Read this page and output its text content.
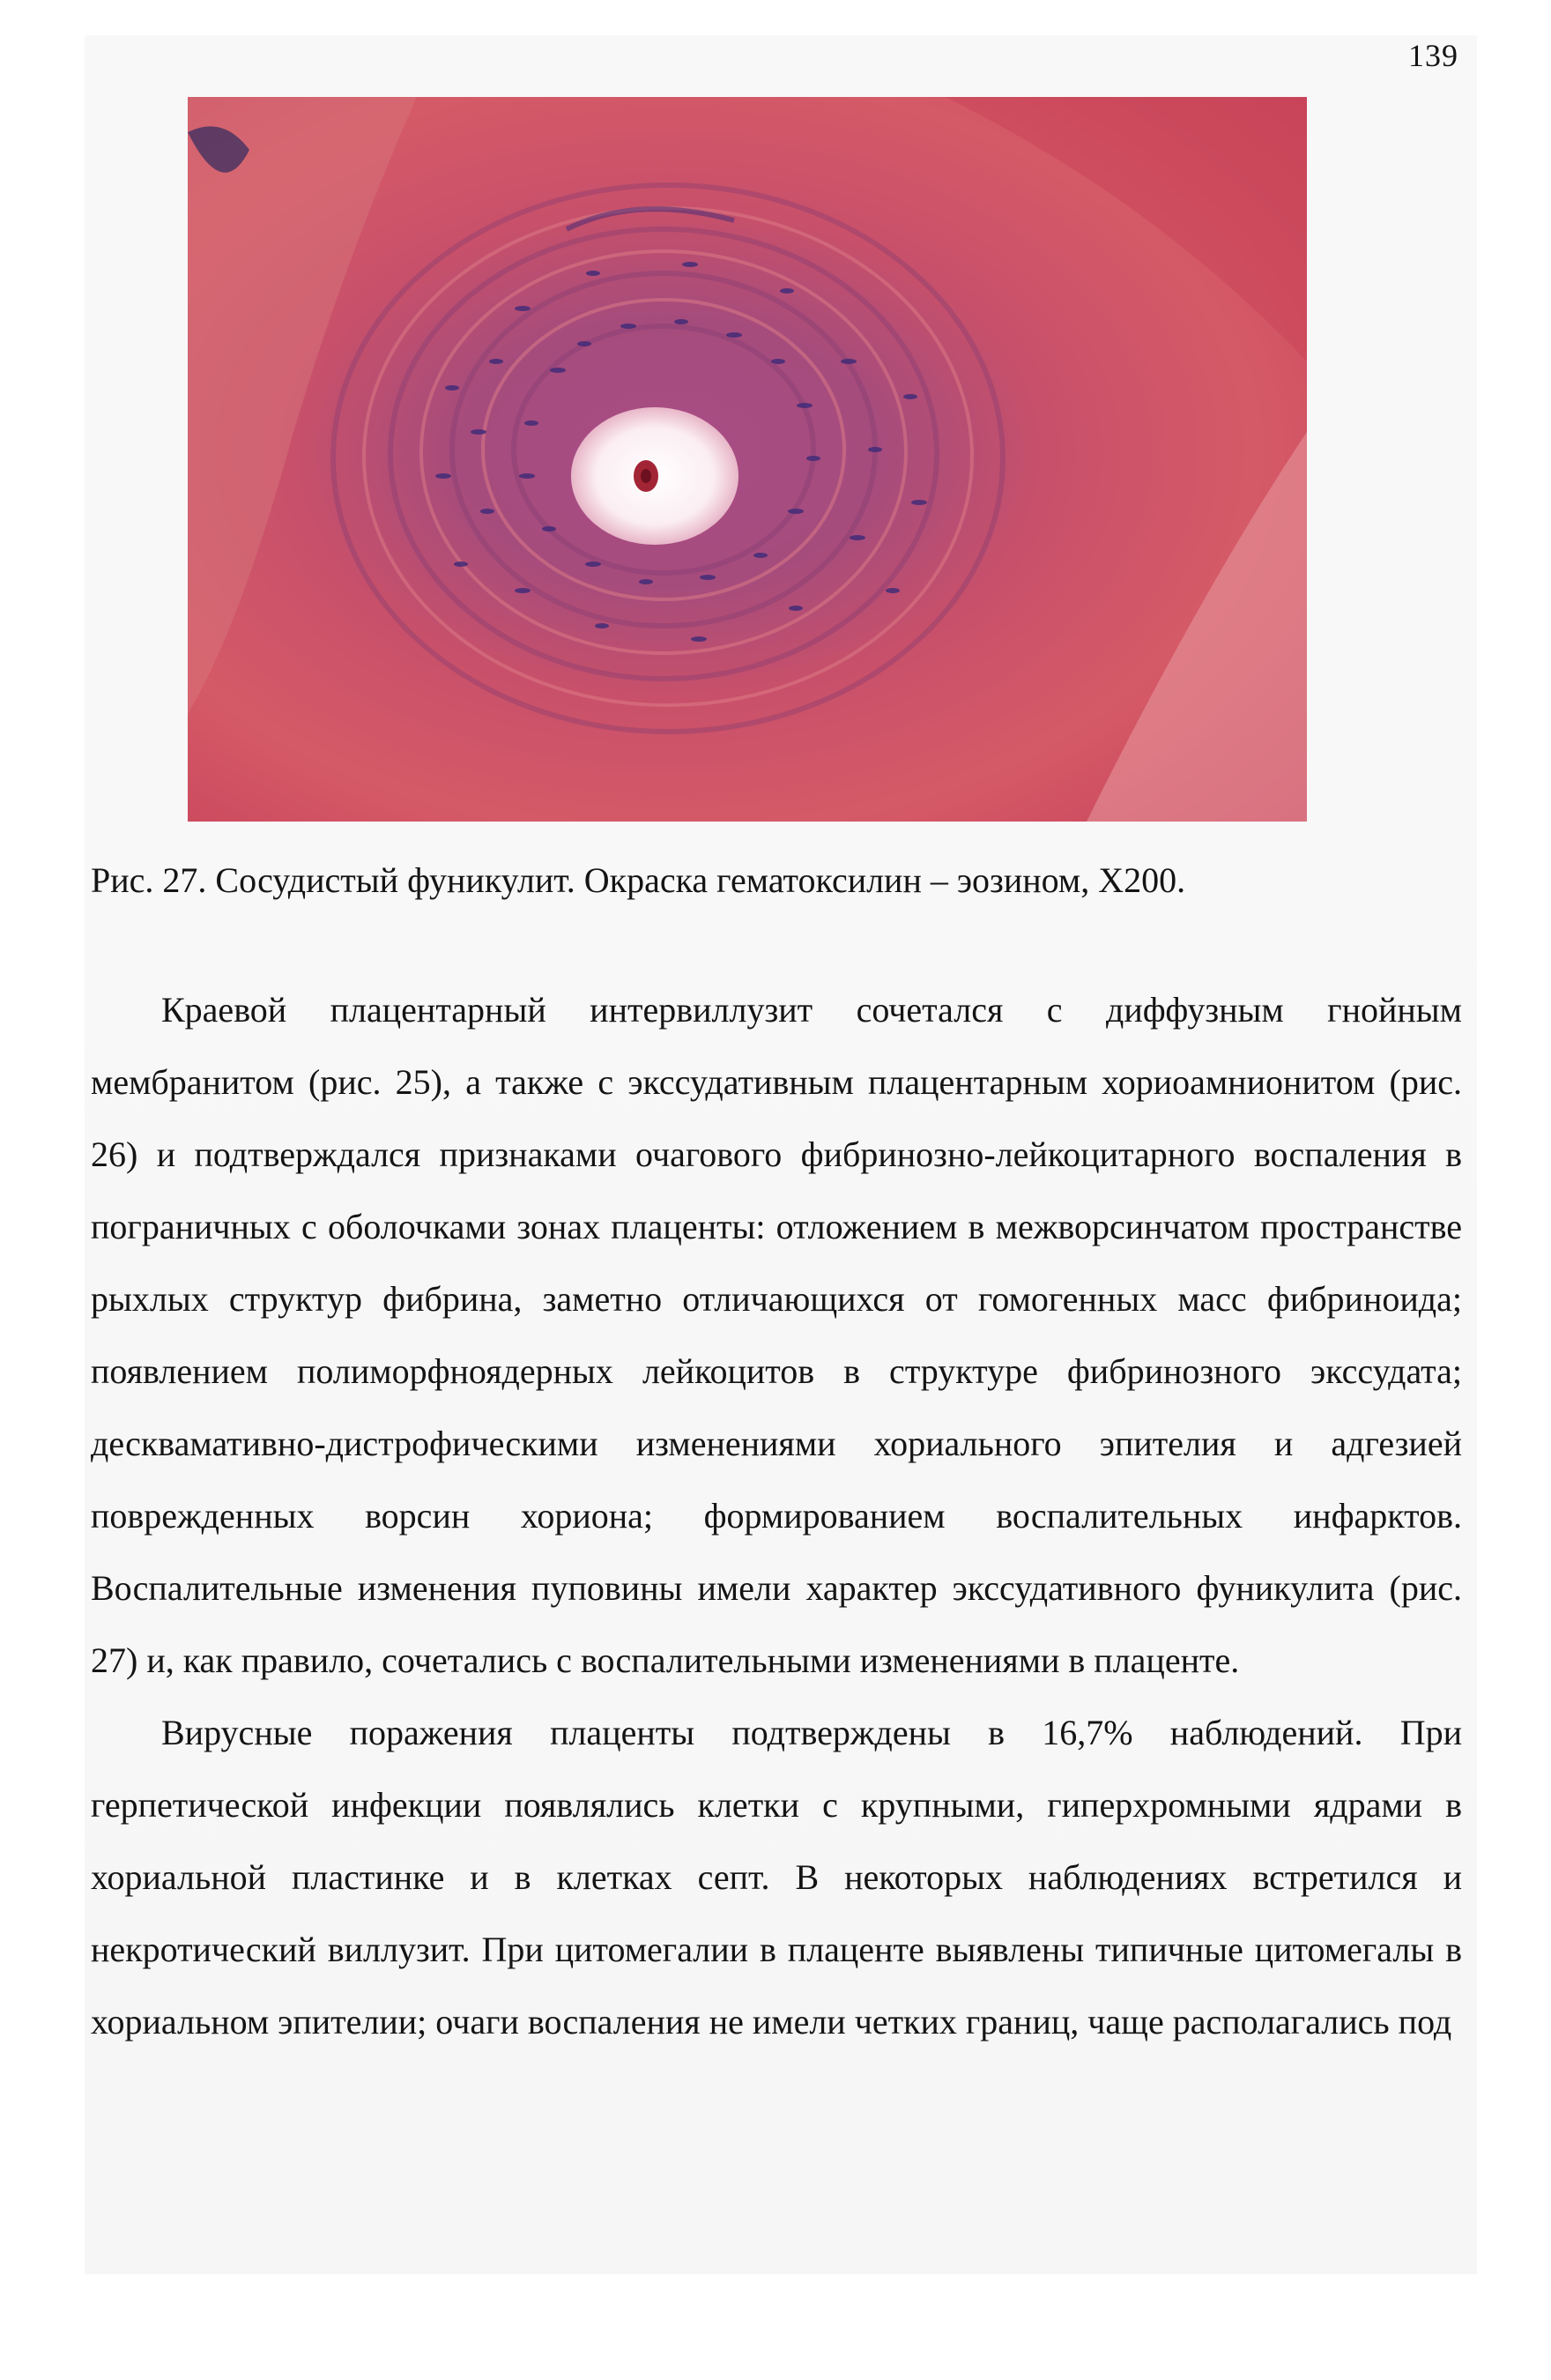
139
Рис. 27. Сосудистый фуникулит. Окраска гематоксилин – эозином, X200.

Краевой плацентарный интервиллузит сочетался с диффузным гнойным мембранитом (рис. 25), а также с экссудативным плацентарным хориоамнионитом (рис. 26) и подтверждался признаками очагового фибринозно-лейкоцитарного воспаления в пограничных с оболочками зонах плаценты: отложением в межворсинчатом пространстве рыхлых структур фибрина, заметно отличающихся от гомогенных масс фибриноида; появлением полиморфноядерных лейкоцитов в структуре фибринозного экссудата; десквамативно-дистрофическими изменениями хориального эпителия и адгезией поврежденных ворсин хориона; формированием воспалительных инфарктов. Воспалительные изменения пуповины имели характер экссудативного фуникулита (рис. 27) и, как правило, сочетались с воспалительными изменениями в плаценте.

Вирусные поражения плаценты подтверждены в 16,7% наблюдений. При герпетической инфекции появлялись клетки с крупными, гиперхромными ядрами в хориальной пластинке и в клетках септ. В некоторых наблюдениях встретился и некротический виллузит. При цитомегалии в плаценте выявлены типичные цитомегалы в хориальном эпителии; очаги воспаления не имели четких границ, чаще располагались под
